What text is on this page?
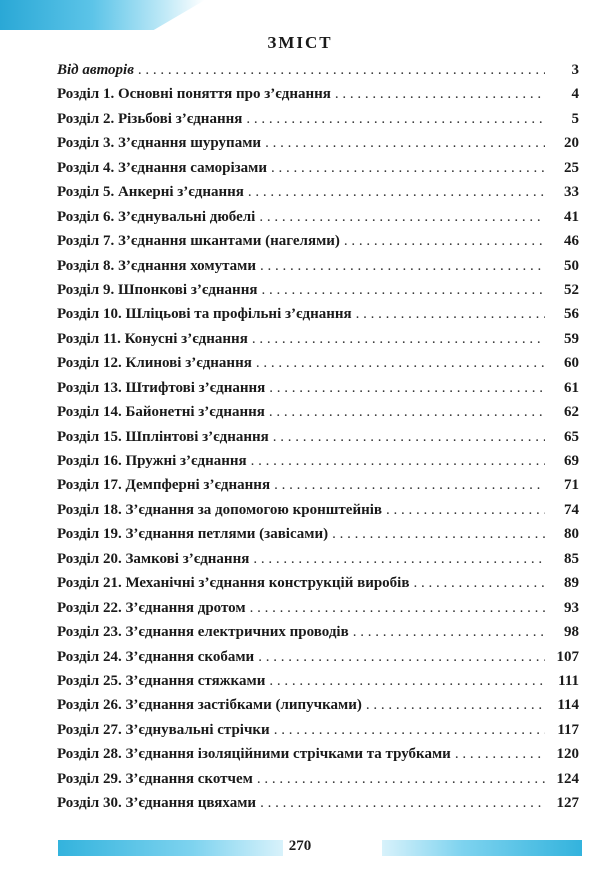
ЗМІСТ
Від авторів . . .	3
Розділ 1. Основні поняття про з’єднання . . .	4
Розділ 2. Різьбові з’єднання . . .	5
Розділ 3. З’єднання шурупами . . .	20
Розділ 4. З’єднання саморізами . . .	25
Розділ 5. Анкерні з’єднання . . .	33
Розділ 6. З’єднувальні дюбелі . . .	41
Розділ 7. З’єднання шкантами (нагелями) . . .	46
Розділ 8. З’єднання хомутами . . .	50
Розділ 9. Шпонкові з’єднання . . .	52
Розділ 10. Шліцьові та профільні з’єднання . . .	56
Розділ 11. Конусні з’єднання . . .	59
Розділ 12. Клинові з’єднання . . .	60
Розділ 13. Штифтові з’єднання . . .	61
Розділ 14. Байонетні з’єднання . . .	62
Розділ 15. Шплінтові з’єднання . . .	65
Розділ 16. Пружні з’єднання . . .	69
Розділ 17. Демпферні з’єднання . . .	71
Розділ 18. З’єднання за допомогою кронштейнів . . .	74
Розділ 19. З’єднання петлями (завісами) . . .	80
Розділ 20. Замкові з’єднання . . .	85
Розділ 21. Механічні з’єднання конструкцій виробів . . .	89
Розділ 22. З’єднання дротом . . .	93
Розділ 23. З’єднання електричних проводів . . .	98
Розділ 24. З’єднання скобами . . .	107
Розділ 25. З’єднання стяжками . . .	111
Розділ 26. З’єднання застібками (липучками) . . .	114
Розділ 27. З’єднувальні стрічки . . .	117
Розділ 28. З’єднання ізоляційними стрічками та трубками . . .	120
Розділ 29. З’єднання скотчем . . .	124
Розділ 30. З’єднання цвяхами . . .	127
270
